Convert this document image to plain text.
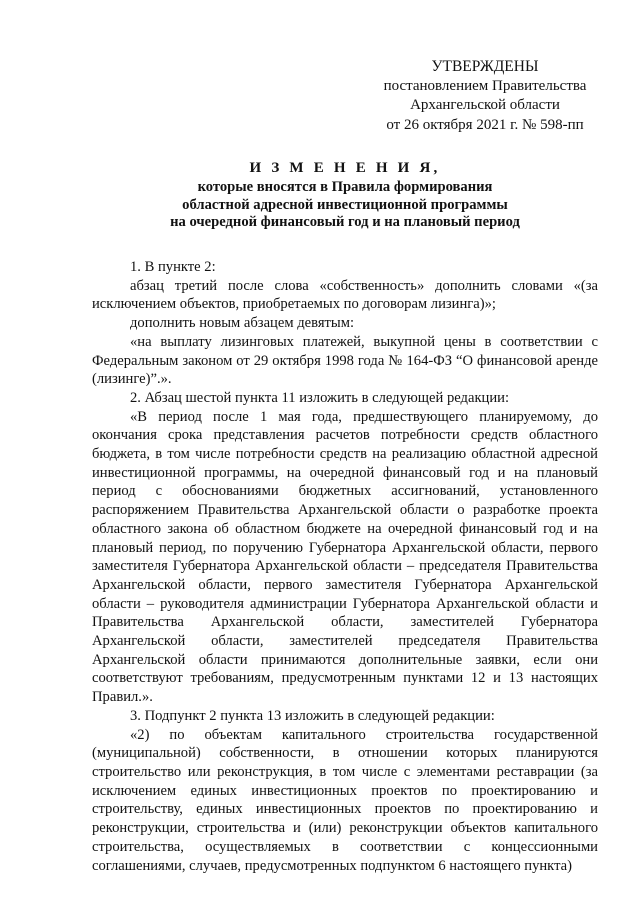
УТВЕРЖДЕНЫ
постановлением Правительства
Архангельской области
от 26 октября 2021 г. № 598-пп
И З М Е Н Е Н И Я,
которые вносятся в Правила формирования
областной адресной инвестиционной программы
на очередной финансовый год и на плановый период

1. В пункте 2:

абзац третий после слова «собственность» дополнить словами «(за исключением объектов, приобретаемых по договорам лизинга)»;

дополнить новым абзацем девятым:

«на выплату лизинговых платежей, выкупной цены в соответствии с Федеральным законом от 29 октября 1998 года № 164-ФЗ “О финансовой аренде (лизинге)”.».

2. Абзац шестой пункта 11 изложить в следующей редакции:

«В период после 1 мая года, предшествующего планируемому, до окончания срока представления расчетов потребности средств областного бюджета, в том числе потребности средств на реализацию областной адресной инвестиционной программы, на очередной финансовый год и на плановый период с обоснованиями бюджетных ассигнований, установленного распоряжением Правительства Архангельской области о разработке проекта областного закона об областном бюджете на очередной финансовый год и на плановый период, по поручению Губернатора Архангельской области, первого заместителя Губернатора Архангельской области – председателя Правительства Архангельской области, первого заместителя Губернатора Архангельской области – руководителя администрации Губернатора Архангельской области и Правительства Архангельской области, заместителей Губернатора Архангельской области, заместителей председателя Правительства Архангельской области принимаются дополнительные заявки, если они соответствуют требованиям, предусмотренным пунктами 12 и 13 настоящих Правил.».

3. Подпункт 2 пункта 13 изложить в следующей редакции:

«2) по объектам капитального строительства государственной (муниципальной) собственности, в отношении которых планируются строительство или реконструкция, в том числе с элементами реставрации (за исключением единых инвестиционных проектов по проектированию и строительству, единых инвестиционных проектов по проектированию и реконструкции, строительства и (или) реконструкции объектов капитального строительства, осуществляемых в соответствии с концессионными соглашениями, случаев, предусмотренных подпунктом 6 настоящего пункта)
